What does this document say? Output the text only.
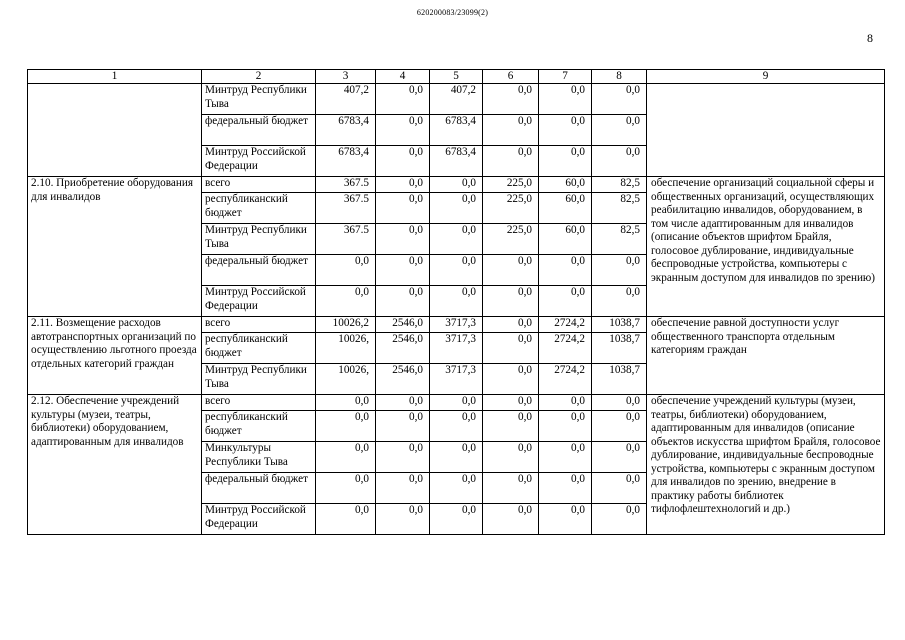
620200083/23099(2)
8
1	2	3	4	5	6	7	8	9
	Минтруд Республики Тыва	407,2	0,0	407,2	0,0	0,0	0,0	
	федеральный бюджет	6783,4	0,0	6783,4	0,0	0,0	0,0	
	Минтруд Российской Федерации	6783,4	0,0	6783,4	0,0	0,0	0,0	
2.10. Приобретение оборудования для инвалидов	всего	367.5	0,0	0,0	225,0	60,0	82,5	обеспечение организаций социальной сферы и общественных организаций, осуществляющих реабилитацию инвалидов, оборудованием, в том числе адаптированным для инвалидов (описание объектов шрифтом Брайля, голосовое дублирование, индивидуальные беспроводные устройства, компьютеры с экранным доступом для инвалидов по зрению)
	республиканский бюджет	367.5	0,0	0,0	225,0	60,0	82,5	
	Минтруд Республики Тыва	367.5	0,0	0,0	225,0	60,0	82,5	
	федеральный бюджет	0,0	0,0	0,0	0,0	0,0	0,0	
	Минтруд Российской Федерации	0,0	0,0	0,0	0,0	0,0	0,0	
2.11. Возмещение расходов автотранспортных организаций по осуществлению льготного проезда отдельных категорий граждан	всего	10026,2	2546,0	3717,3	0,0	2724,2	1038,7	обеспечение равной доступности услуг общественного транспорта отдельным категориям граждан
	республиканский бюджет	10026,	2546,0	3717,3	0,0	2724,2	1038,7	
	Минтруд Республики Тыва	10026,	2546,0	3717,3	0,0	2724,2	1038,7	
2.12. Обеспечение учреждений культуры (музеи, театры, библиотеки) оборудованием, адаптированным для инвалидов	всего	0,0	0,0	0,0	0,0	0,0	0,0	обеспечение учреждений культуры (музеи, театры, библиотеки) оборудованием, адаптированным для инвалидов (описание объектов искусства шрифтом Брайля, голосовое дублирование, индивидуальные беспроводные устройства, компьютеры с экранным доступом для инвалидов по зрению, внедрение в практику работы библиотек тифлофлештехнологий и др.)
	республиканский бюджет	0,0	0,0	0,0	0,0	0,0	0,0	
	Минкультуры Республики Тыва	0,0	0,0	0,0	0,0	0,0	0,0	
	федеральный бюджет	0,0	0,0	0,0	0,0	0,0	0,0	
	Минтруд Российской Федерации	0,0	0,0	0,0	0,0	0,0	0,0	
